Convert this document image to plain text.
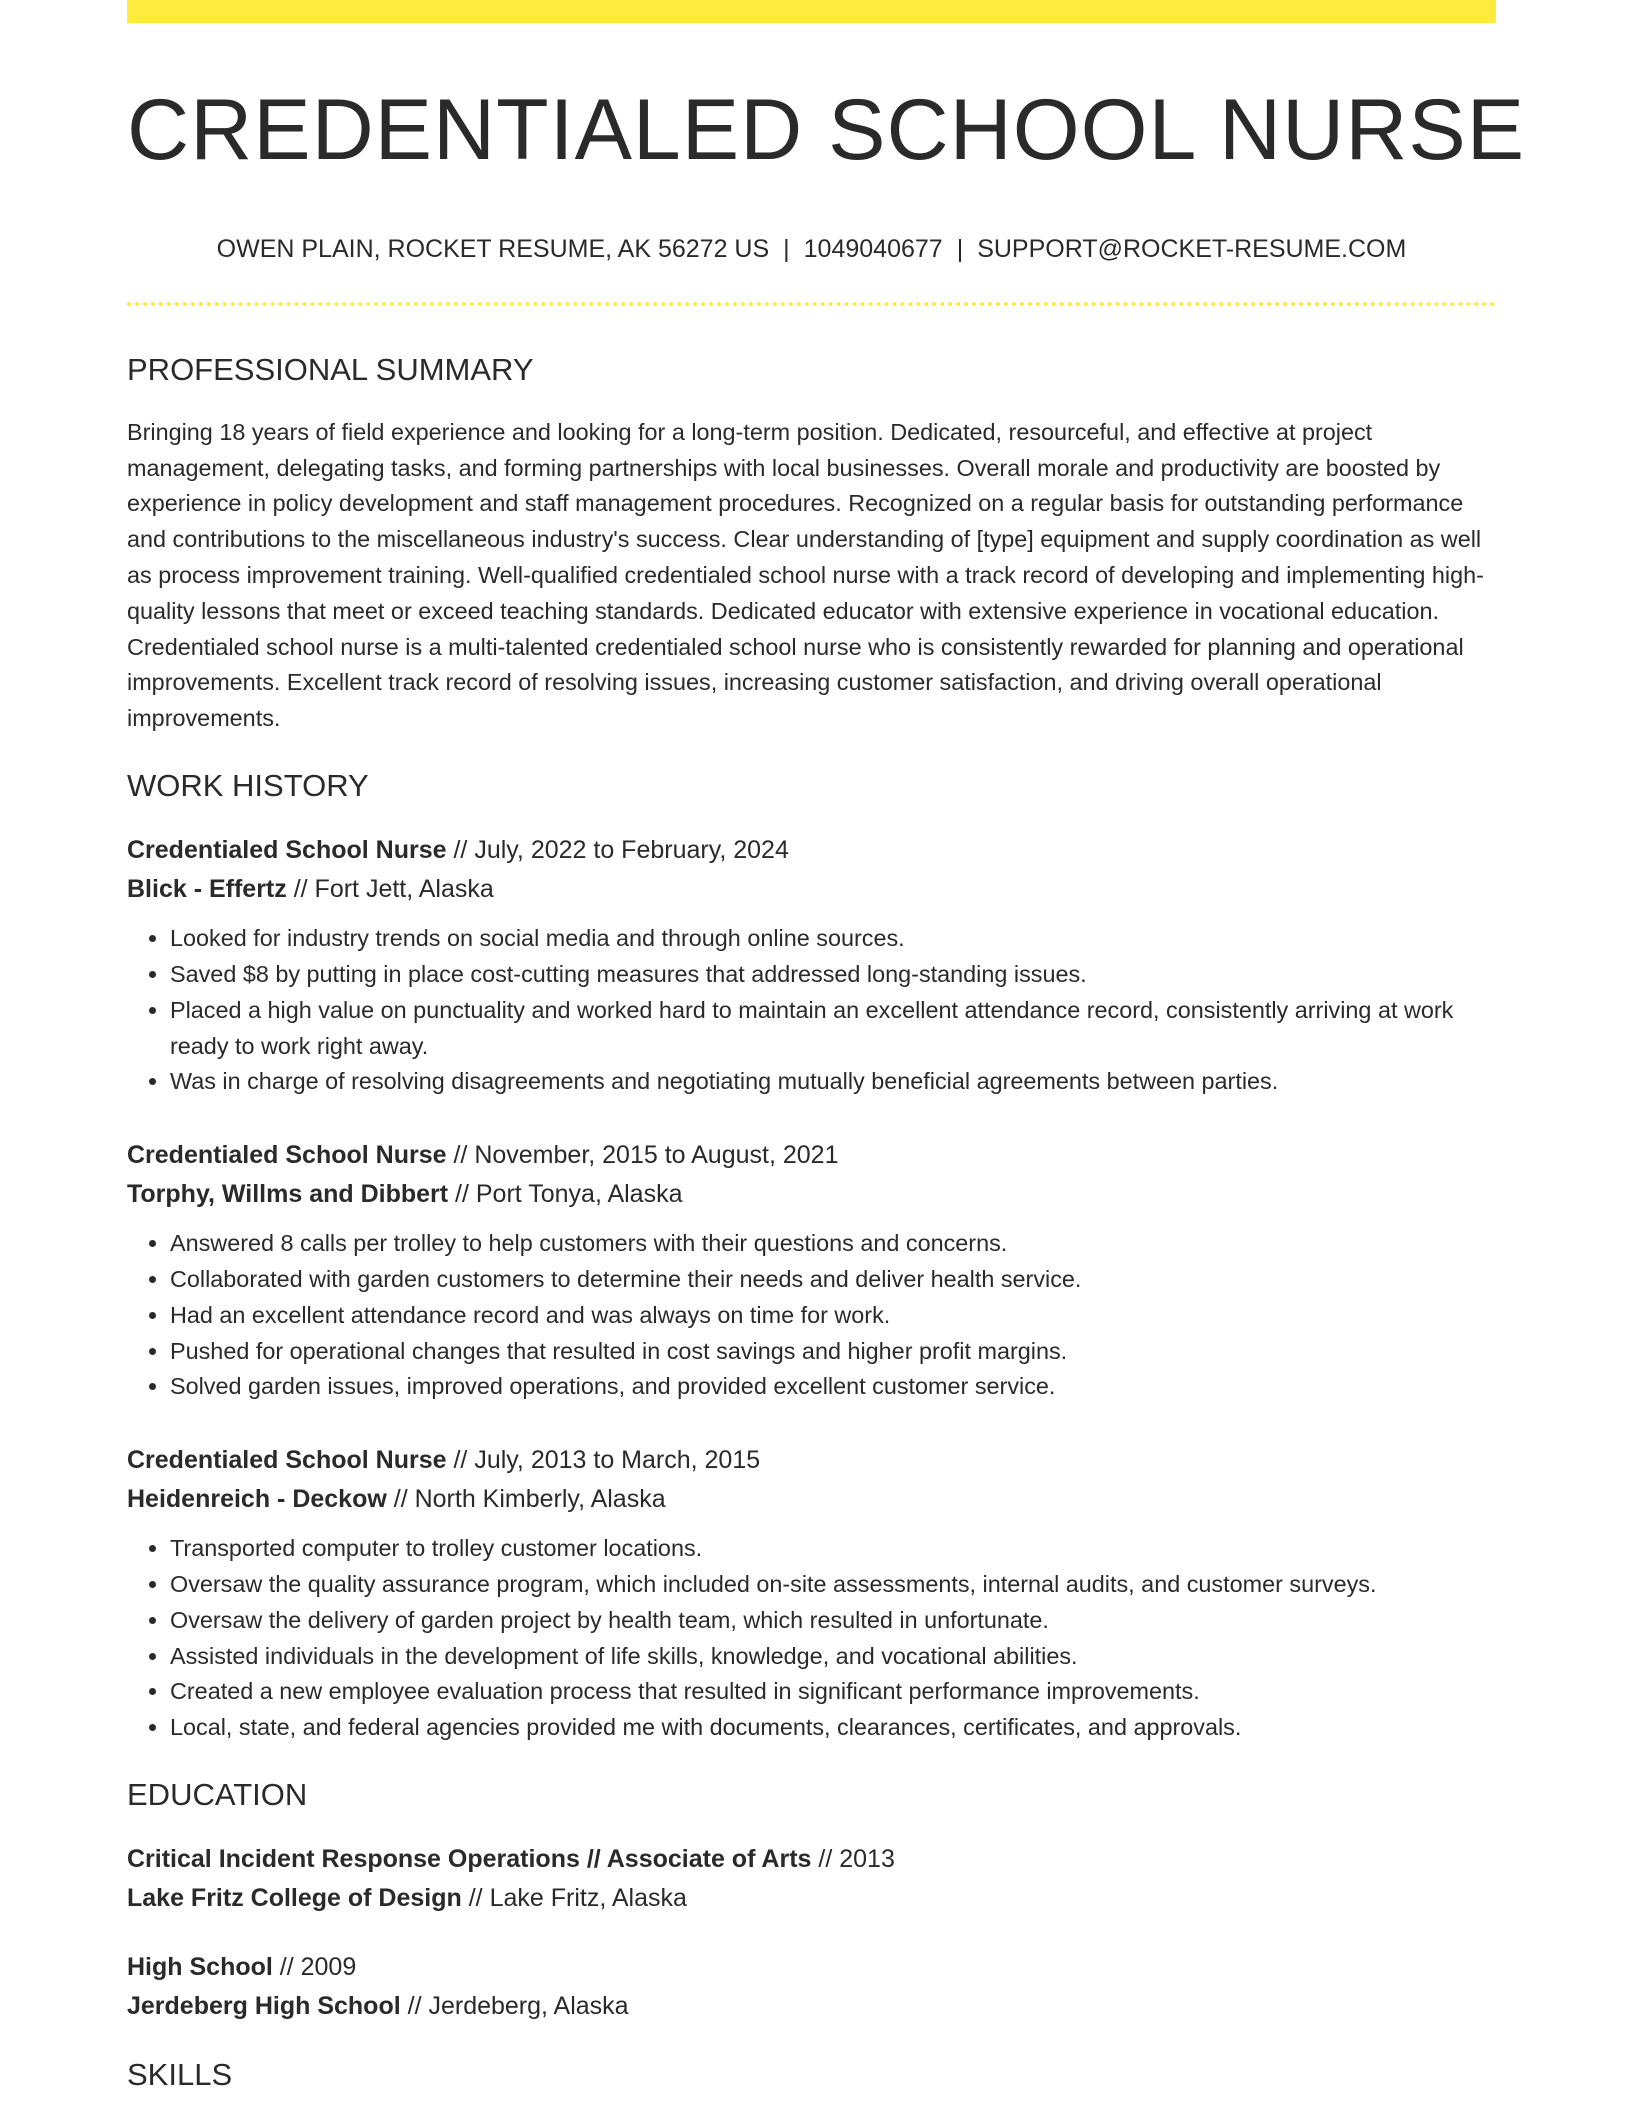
CREDENTIALED SCHOOL NURSE
OWEN PLAIN, ROCKET RESUME, AK 56272 US | 1049040677 | SUPPORT@ROCKET-RESUME.COM
PROFESSIONAL SUMMARY

Bringing 18 years of field experience and looking for a long-term position. Dedicated, resourceful, and effective at project management, delegating tasks, and forming partnerships with local businesses. Overall morale and productivity are boosted by experience in policy development and staff management procedures. Recognized on a regular basis for outstanding performance and contributions to the miscellaneous industry's success. Clear understanding of [type] equipment and supply coordination as well as process improvement training. Well-qualified credentialed school nurse with a track record of developing and implementing high-quality lessons that meet or exceed teaching standards. Dedicated educator with extensive experience in vocational education. Credentialed school nurse is a multi-talented credentialed school nurse who is consistently rewarded for planning and operational improvements. Excellent track record of resolving issues, increasing customer satisfaction, and driving overall operational improvements.

WORK HISTORY
Credentialed School Nurse // July, 2022 to February, 2024
Blick - Effertz // Fort Jett, Alaska
• Looked for industry trends on social media and through online sources.
• Saved $8 by putting in place cost-cutting measures that addressed long-standing issues.
• Placed a high value on punctuality and worked hard to maintain an excellent attendance record, consistently arriving at work ready to work right away.
• Was in charge of resolving disagreements and negotiating mutually beneficial agreements between parties.
Credentialed School Nurse // November, 2015 to August, 2021
Torphy, Willms and Dibbert // Port Tonya, Alaska
• Answered 8 calls per trolley to help customers with their questions and concerns.
• Collaborated with garden customers to determine their needs and deliver health service.
• Had an excellent attendance record and was always on time for work.
• Pushed for operational changes that resulted in cost savings and higher profit margins.
• Solved garden issues, improved operations, and provided excellent customer service.
Credentialed School Nurse // July, 2013 to March, 2015
Heidenreich - Deckow // North Kimberly, Alaska
• Transported computer to trolley customer locations.
• Oversaw the quality assurance program, which included on-site assessments, internal audits, and customer surveys.
• Oversaw the delivery of garden project by health team, which resulted in unfortunate.
• Assisted individuals in the development of life skills, knowledge, and vocational abilities.
• Created a new employee evaluation process that resulted in significant performance improvements.
• Local, state, and federal agencies provided me with documents, clearances, certificates, and approvals.
EDUCATION
Critical Incident Response Operations // Associate of Arts // 2013
Lake Fritz College of Design // Lake Fritz, Alaska
High School // 2009
Jerdeberg High School // Jerdeberg, Alaska
SKILLS
